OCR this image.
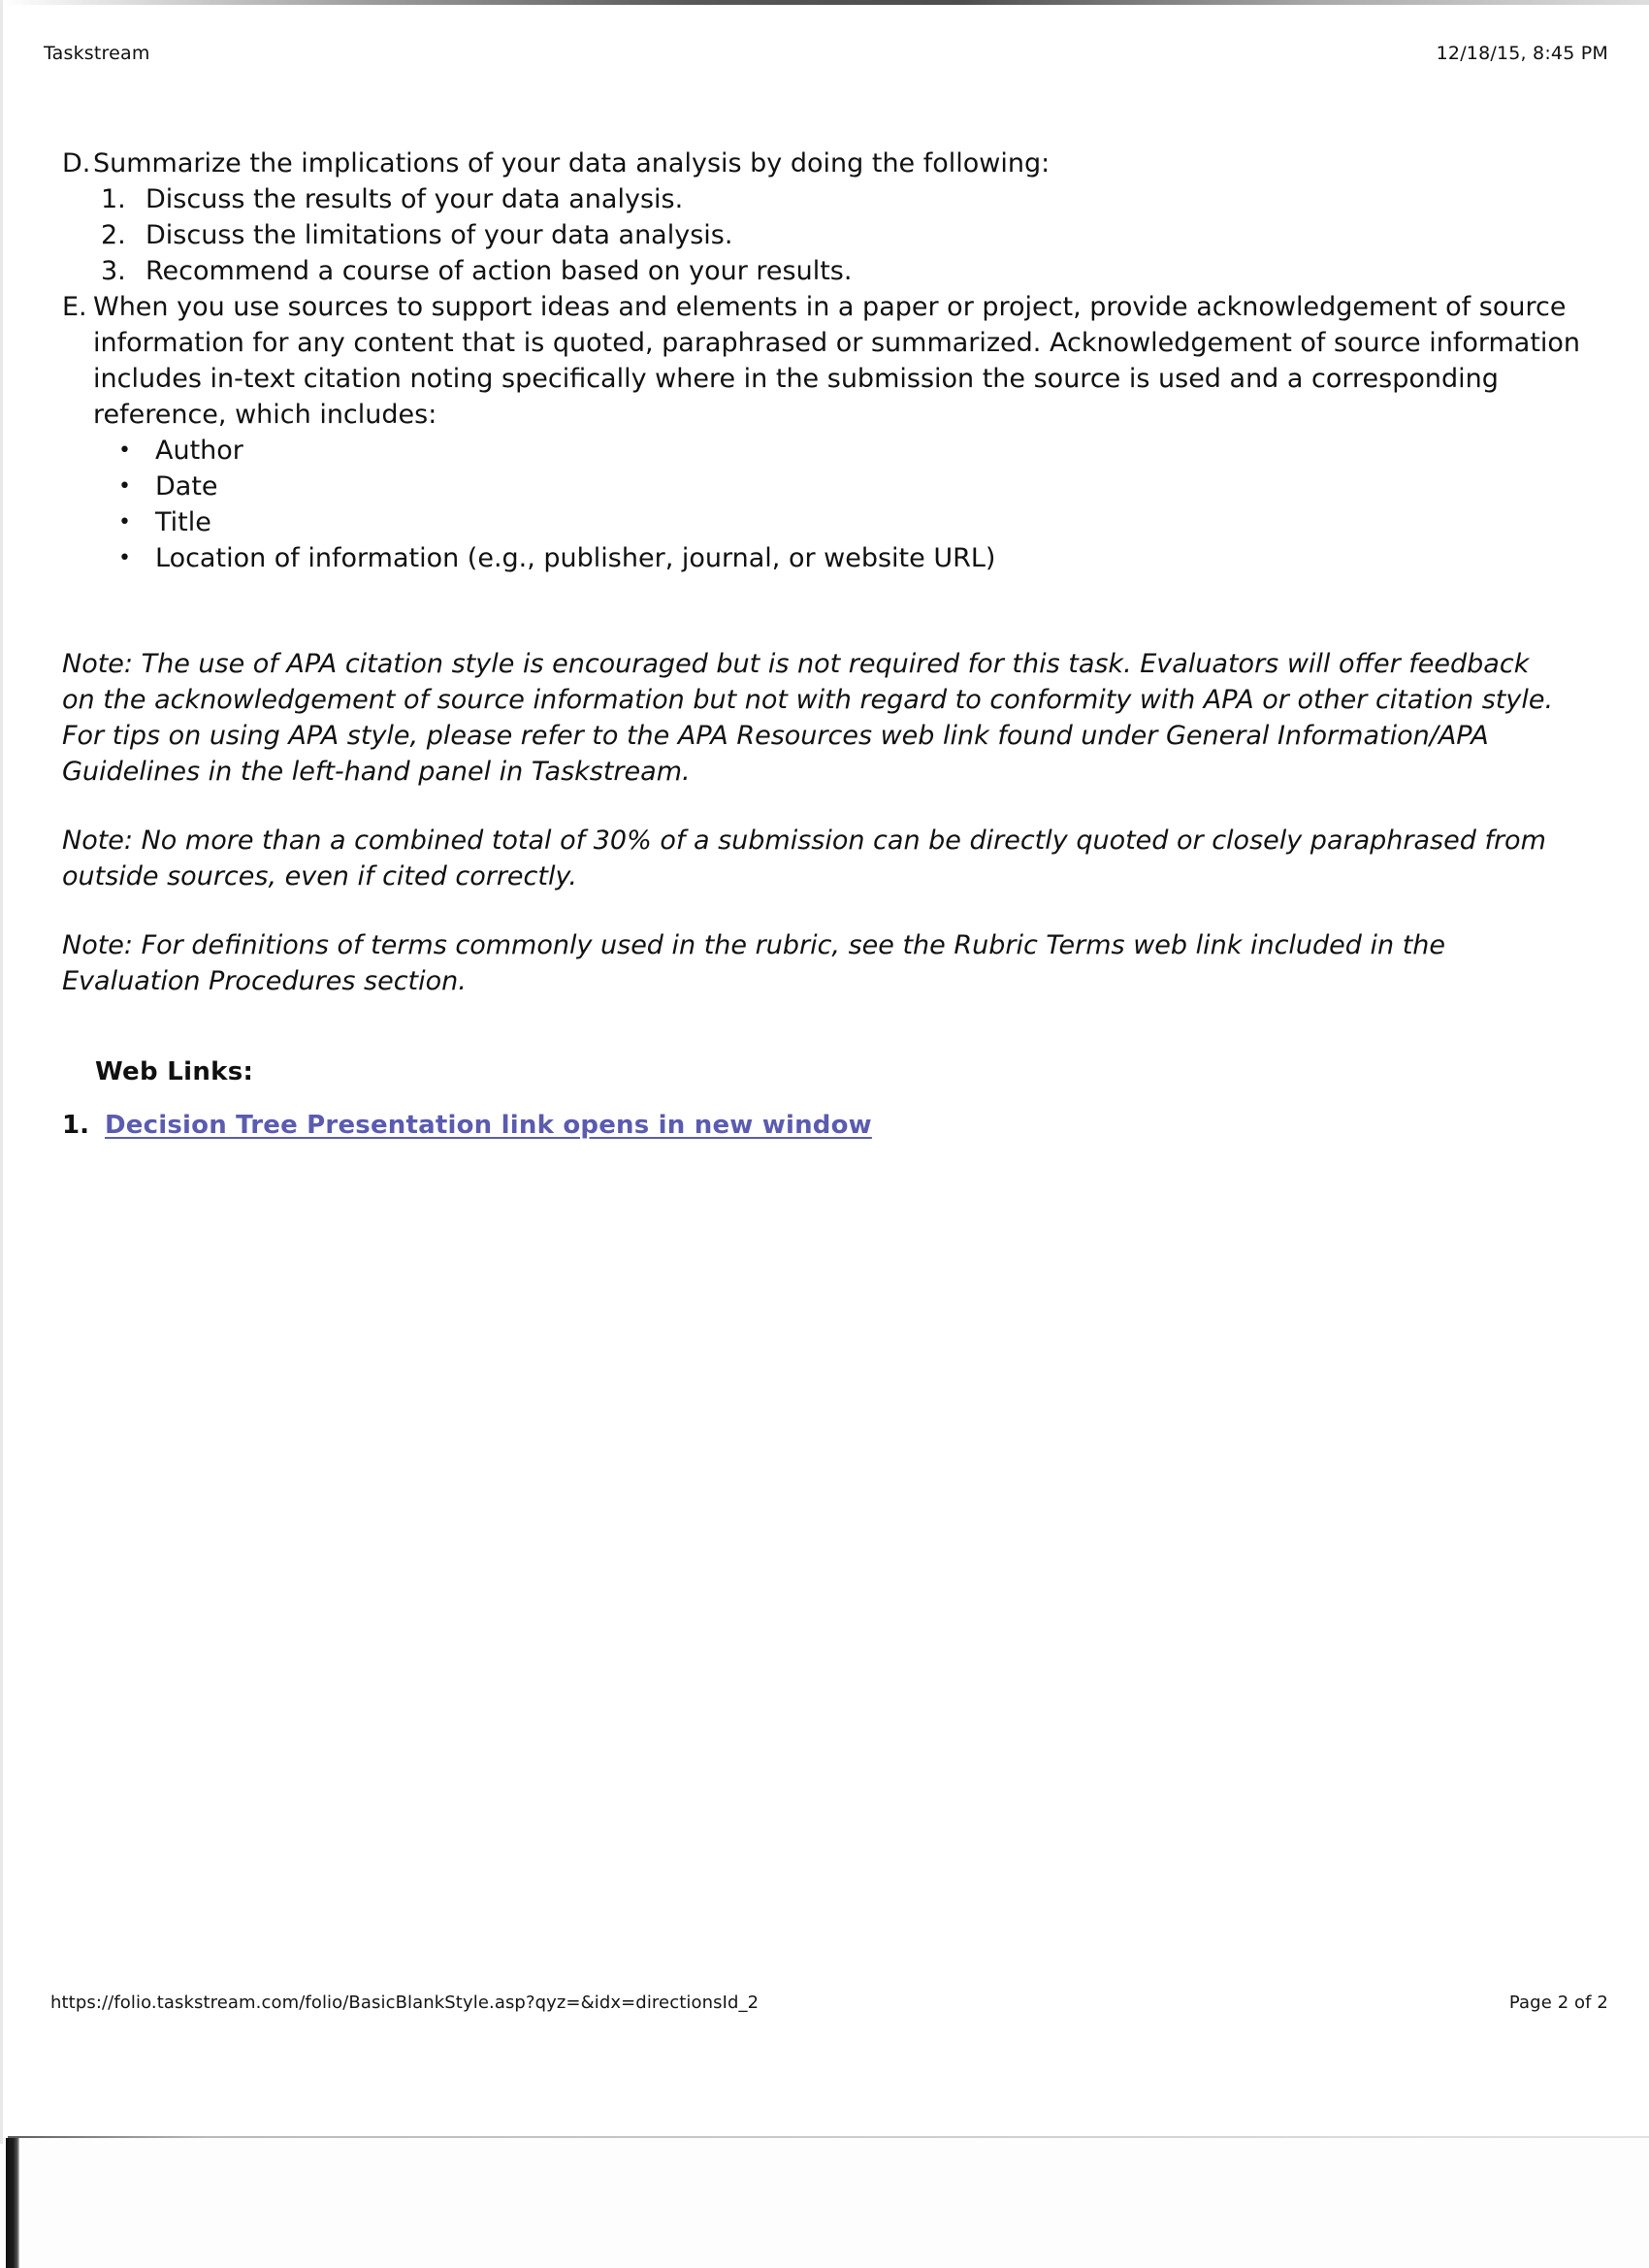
Taskstream	12/18/15, 8:45 PM
D. Summarize the implications of your data analysis by doing the following:
1. Discuss the results of your data analysis.
2. Discuss the limitations of your data analysis.
3. Recommend a course of action based on your results.
E. When you use sources to support ideas and elements in a paper or project, provide acknowledgement of source information for any content that is quoted, paraphrased or summarized. Acknowledgement of source information includes in-text citation noting specifically where in the submission the source is used and a corresponding reference, which includes:
• Author
• Date
• Title
• Location of information (e.g., publisher, journal, or website URL)
Note: The use of APA citation style is encouraged but is not required for this task. Evaluators will offer feedback on the acknowledgement of source information but not with regard to conformity with APA or other citation style. For tips on using APA style, please refer to the APA Resources web link found under General Information/APA Guidelines in the left-hand panel in Taskstream.
Note: No more than a combined total of 30% of a submission can be directly quoted or closely paraphrased from outside sources, even if cited correctly.
Note: For definitions of terms commonly used in the rubric, see the Rubric Terms web link included in the Evaluation Procedures section.
Web Links:
1. Decision Tree Presentation link opens in new window
https://folio.taskstream.com/folio/BasicBlankStyle.asp?qyz=&idx=directionsId_2	Page 2 of 2
